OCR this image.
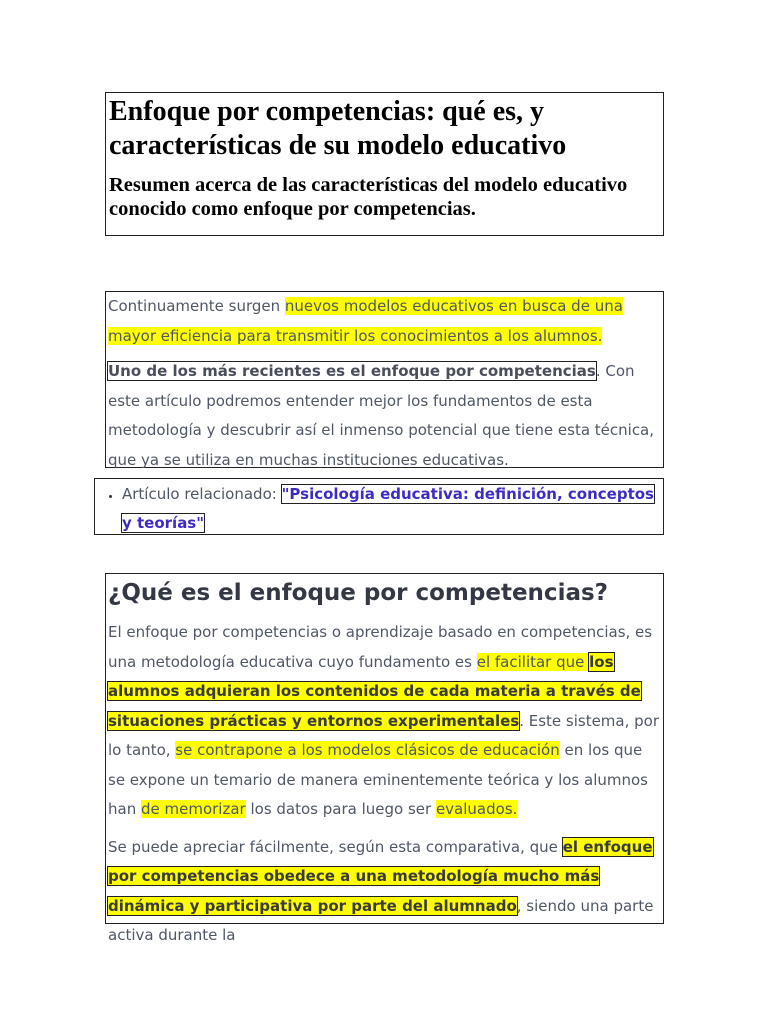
Enfoque por competencias: qué es, y características de su modelo educativo
Resumen acerca de las características del modelo educativo conocido como enfoque por competencias.

Continuamente surgen nuevos modelos educativos en busca de una mayor eficiencia para transmitir los conocimientos a los alumnos.

Uno de los más recientes es el enfoque por competencias. Con este artículo podremos entender mejor los fundamentos de esta metodología y descubrir así el inmenso potencial que tiene esta técnica, que ya se utiliza en muchas instituciones educativas.

• Artículo relacionado: "Psicología educativa: definición, conceptos y teorías"
¿Qué es el enfoque por competencias?

El enfoque por competencias o aprendizaje basado en competencias, es una metodología educativa cuyo fundamento es el facilitar que los alumnos adquieran los contenidos de cada materia a través de situaciones prácticas y entornos experimentales. Este sistema, por lo tanto, se contrapone a los modelos clásicos de educación en los que se expone un temario de manera eminentemente teórica y los alumnos han de memorizar los datos para luego ser evaluados.

Se puede apreciar fácilmente, según esta comparativa, que el enfoque por competencias obedece a una metodología mucho más dinámica y participativa por parte del alumnado, siendo una parte activa durante la
